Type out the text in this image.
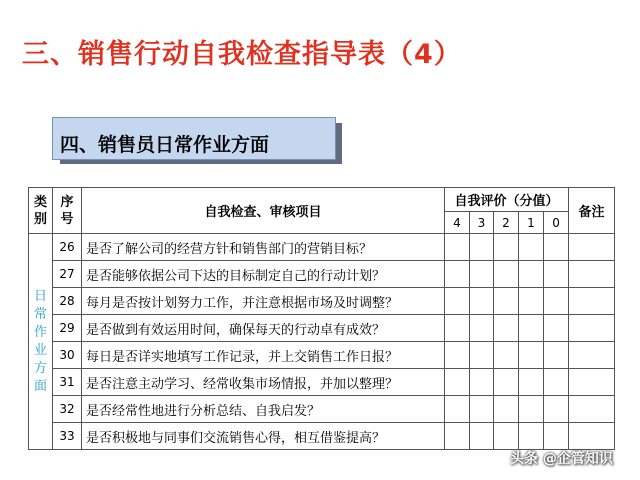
三、销售行动自我检查指导表（4）
四、销售员日常作业方面
类别	序号	自我检查、审核项目	自我评价（分值）					备注
			4	3	2	1	0	
日常作业方面	26	是否了解公司的经营方针和销售部门的营销目标？						
	27	是否能够依据公司下达的目标制定自己的行动计划？						
	28	每月是否按计划努力工作，并注意根据市场及时调整？						
	29	是否做到有效运用时间，确保每天的行动卓有成效？						
	30	每日是否详实地填写工作记录，并上交销售工作日报？						
	31	是否注意主动学习、经常收集市场情报，并加以整理？						
	32	是否经常性地进行分析总结、自我启发？						
	33	是否积极地与同事们交流销售心得，相互借鉴提高？						
头条 @企管知识
